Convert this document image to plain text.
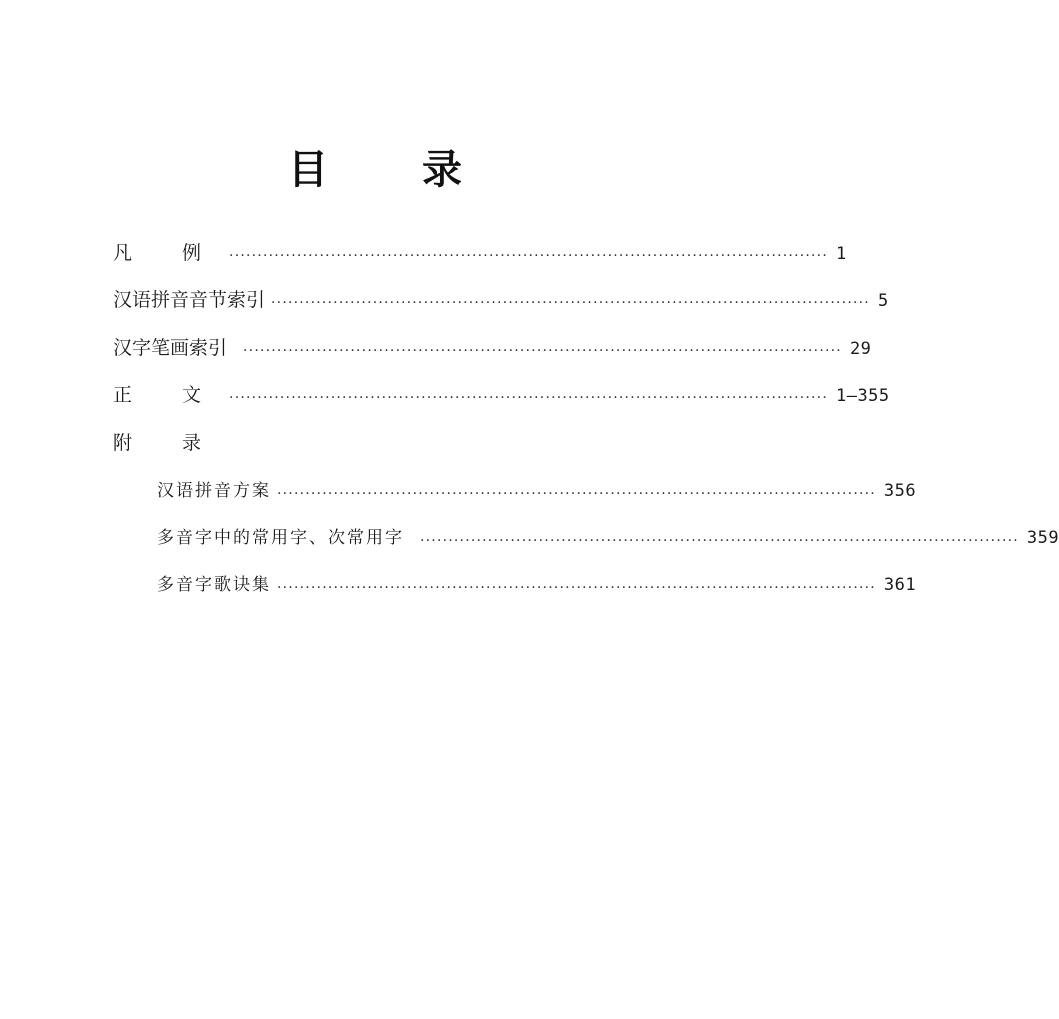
目 录
凡 例 ·········································································································· 1
汉语拼音音节索引 ·········································································································· 5
汉字笔画索引 ·········································································································· 29
正 文 ·········································································································· 1—355
附 录
汉语拼音方案 ·········································································································· 356
多音字中的常用字、次常用字 ·········································································································· 359
多音字歌诀集 ·········································································································· 361
